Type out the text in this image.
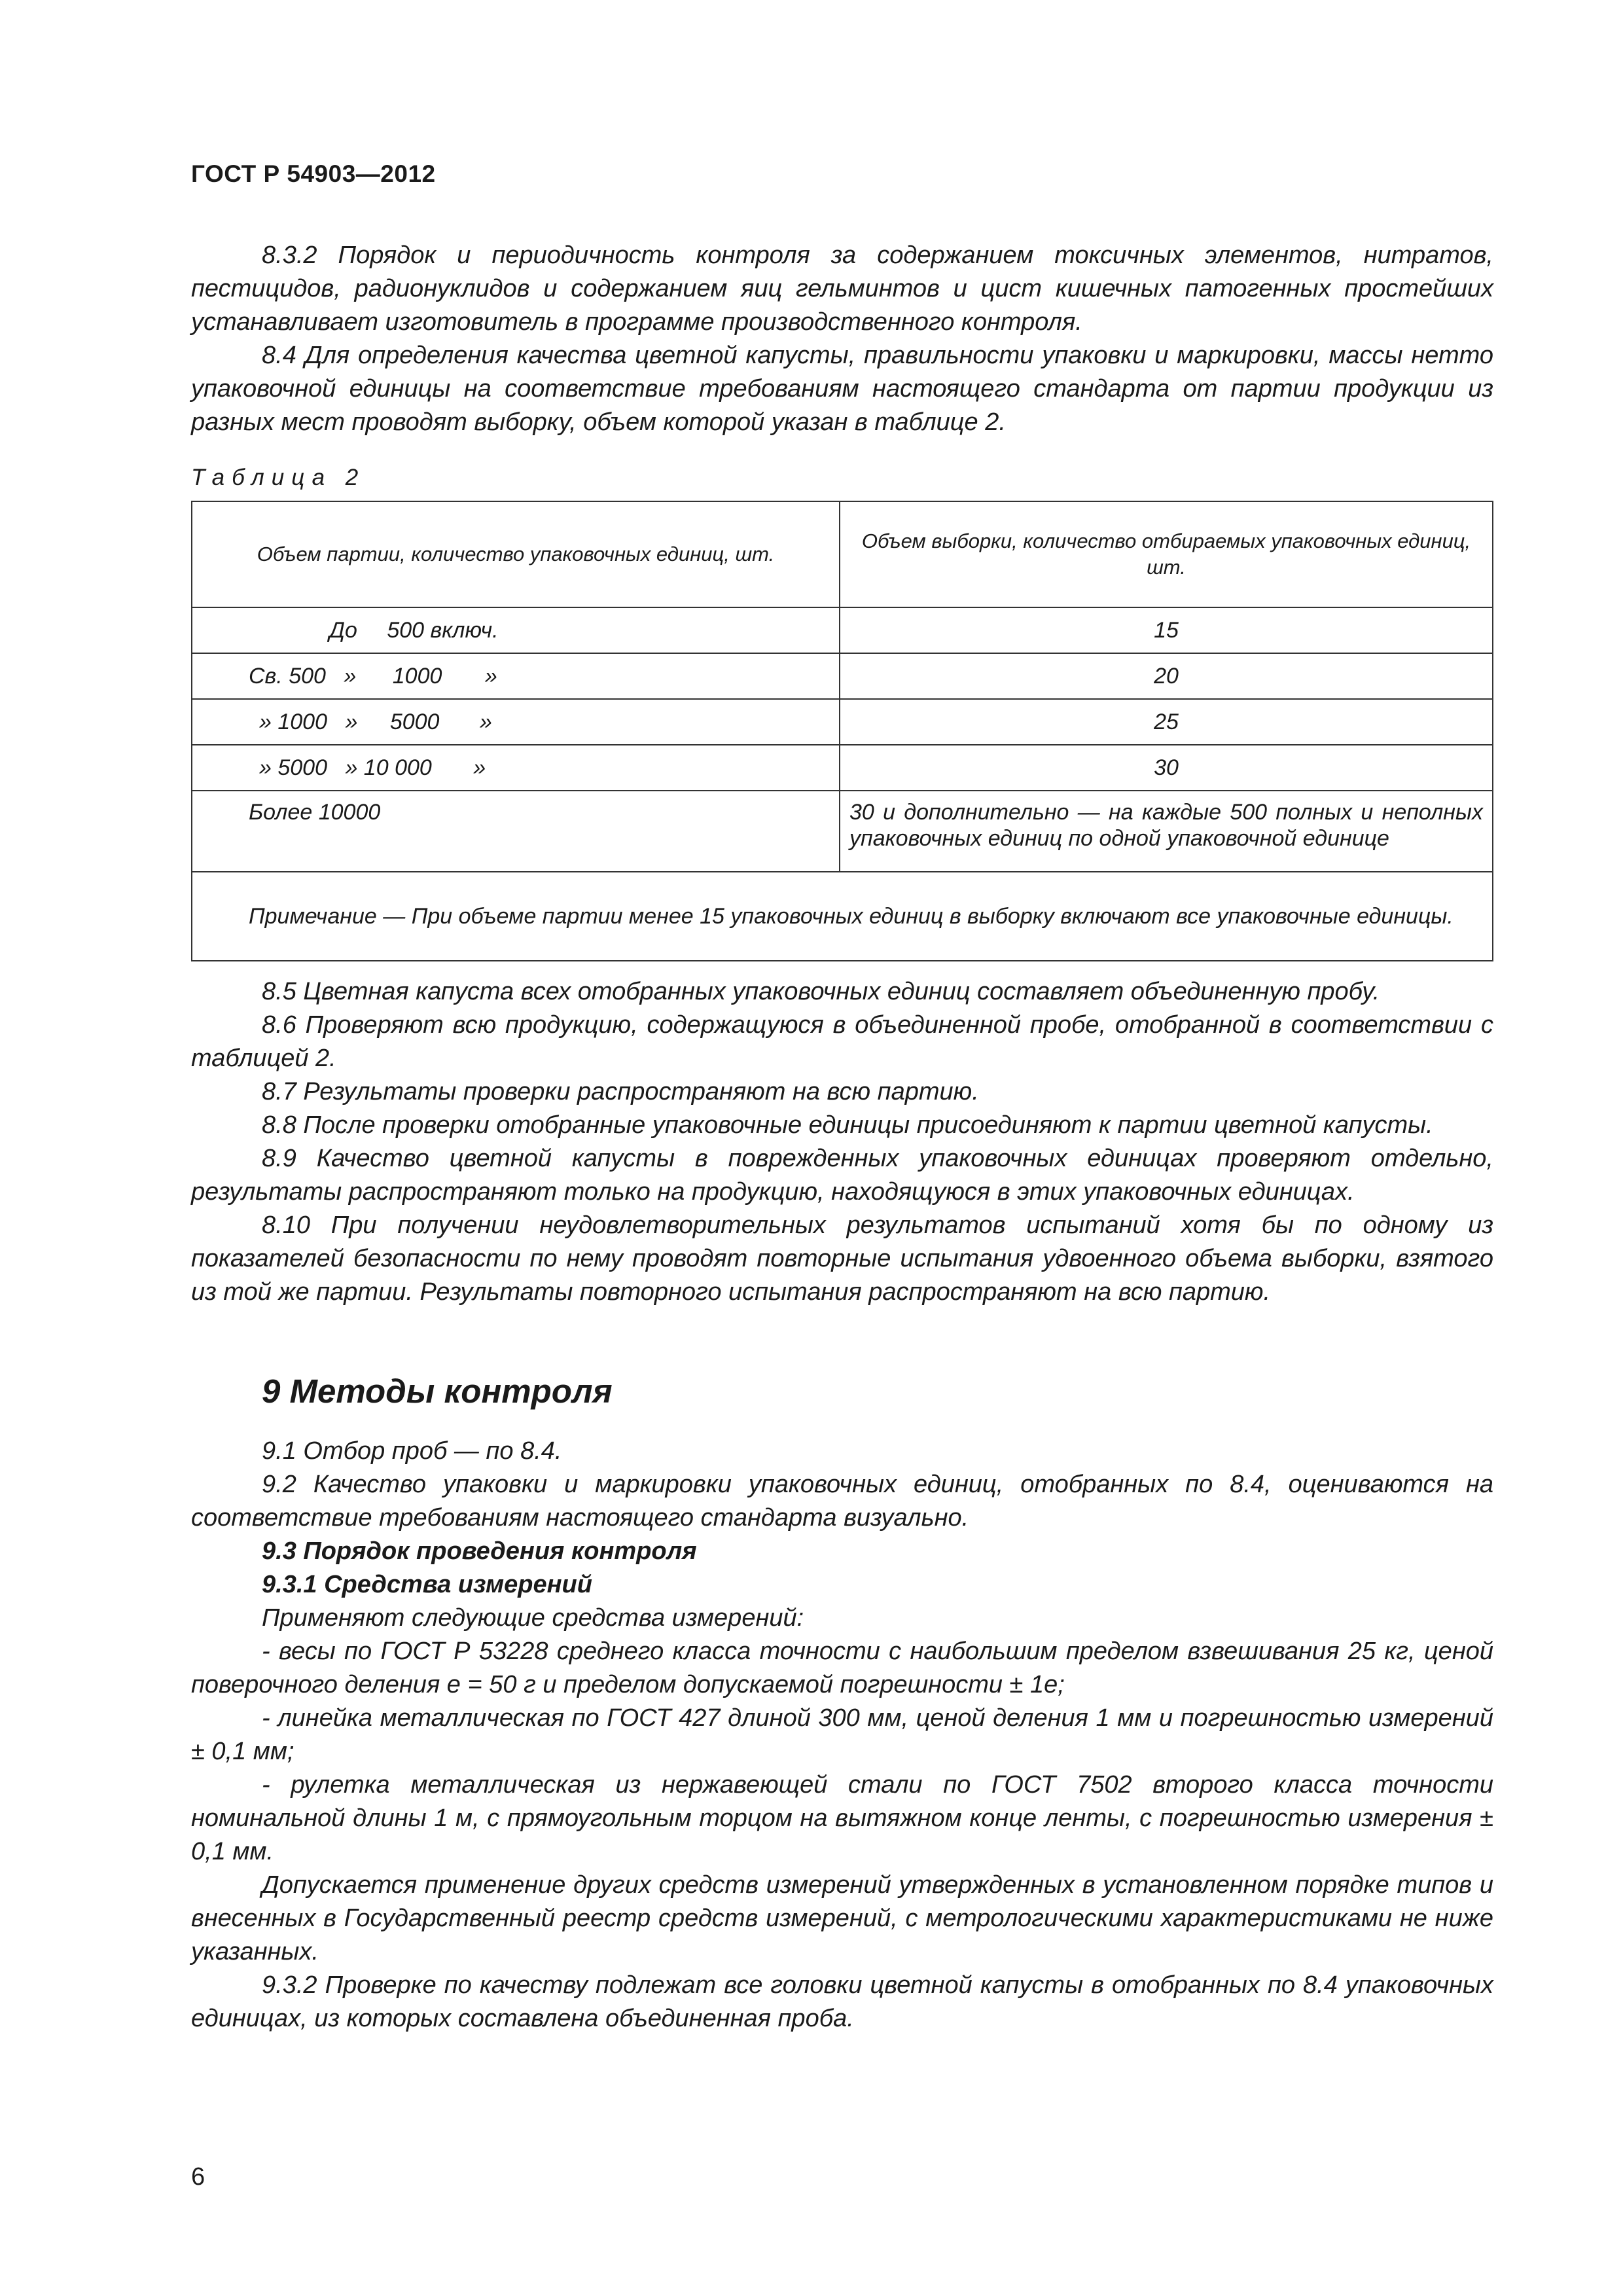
ГОСТ Р 54903—2012

8.3.2 Порядок и периодичность контроля за содержанием токсичных элементов, нитратов, пестицидов, радионуклидов и содержанием яиц гельминтов и цист кишечных патогенных простейших устанавливает изготовитель в программе производственного контроля.

8.4 Для определения качества цветной капусты, правильности упаковки и маркировки, массы нетто упаковочной единицы на соответствие требованиям настоящего стандарта от партии продукции из разных мест проводят выборку, объем которой указан в таблице 2.

Таблица 2
Объем партии, количество упаковочных единиц, шт.	Объем выборки, количество отбираемых упаковочных единиц, шт.
До 500 включ.	15
Св. 500 » 1000 »	20
» 1000 » 5000 »	25
» 5000 » 10 000 »	30
Более 10000	30 и дополнительно — на каждые 500 полных и неполных упаковочных единиц по одной упаковочной единице
Примечание — При объеме партии менее 15 упаковочных единиц в выборку включают все упаковочные единицы.	

8.5 Цветная капуста всех отобранных упаковочных единиц составляет объединенную пробу.

8.6 Проверяют всю продукцию, содержащуюся в объединенной пробе, отобранной в соответствии с таблицей 2.

8.7 Результаты проверки распространяют на всю партию.

8.8 После проверки отобранные упаковочные единицы присоединяют к партии цветной капусты.

8.9 Качество цветной капусты в поврежденных упаковочных единицах проверяют отдельно, результаты распространяют только на продукцию, находящуюся в этих упаковочных единицах.

8.10 При получении неудовлетворительных результатов испытаний хотя бы по одному из показателей безопасности по нему проводят повторные испытания удвоенного объема выборки, взятого из той же партии. Результаты повторного испытания распространяют на всю партию.

9 Методы контроля

9.1 Отбор проб — по 8.4.

9.2 Качество упаковки и маркировки упаковочных единиц, отобранных по 8.4, оцениваются на соответствие требованиям настоящего стандарта визуально.

9.3 Порядок проведения контроля

9.3.1 Средства измерений

Применяют следующие средства измерений:

- весы по ГОСТ Р 53228 среднего класса точности с наибольшим пределом взвешивания 25 кг, ценой поверочного деления e = 50 г и пределом допускаемой погрешности ± 1e;

- линейка металлическая по ГОСТ 427 длиной 300 мм, ценой деления 1 мм и погрешностью измерений ± 0,1 мм;

- рулетка металлическая из нержавеющей стали по ГОСТ 7502 второго класса точности номинальной длины 1 м, с прямоугольным торцом на вытяжном конце ленты, с погрешностью измерения ± 0,1 мм.

Допускается применение других средств измерений утвержденных в установленном порядке типов и внесенных в Государственный реестр средств измерений, с метрологическими характеристиками не ниже указанных.

9.3.2 Проверке по качеству подлежат все головки цветной капусты в отобранных по 8.4 упаковочных единицах, из которых составлена объединенная проба.

6
